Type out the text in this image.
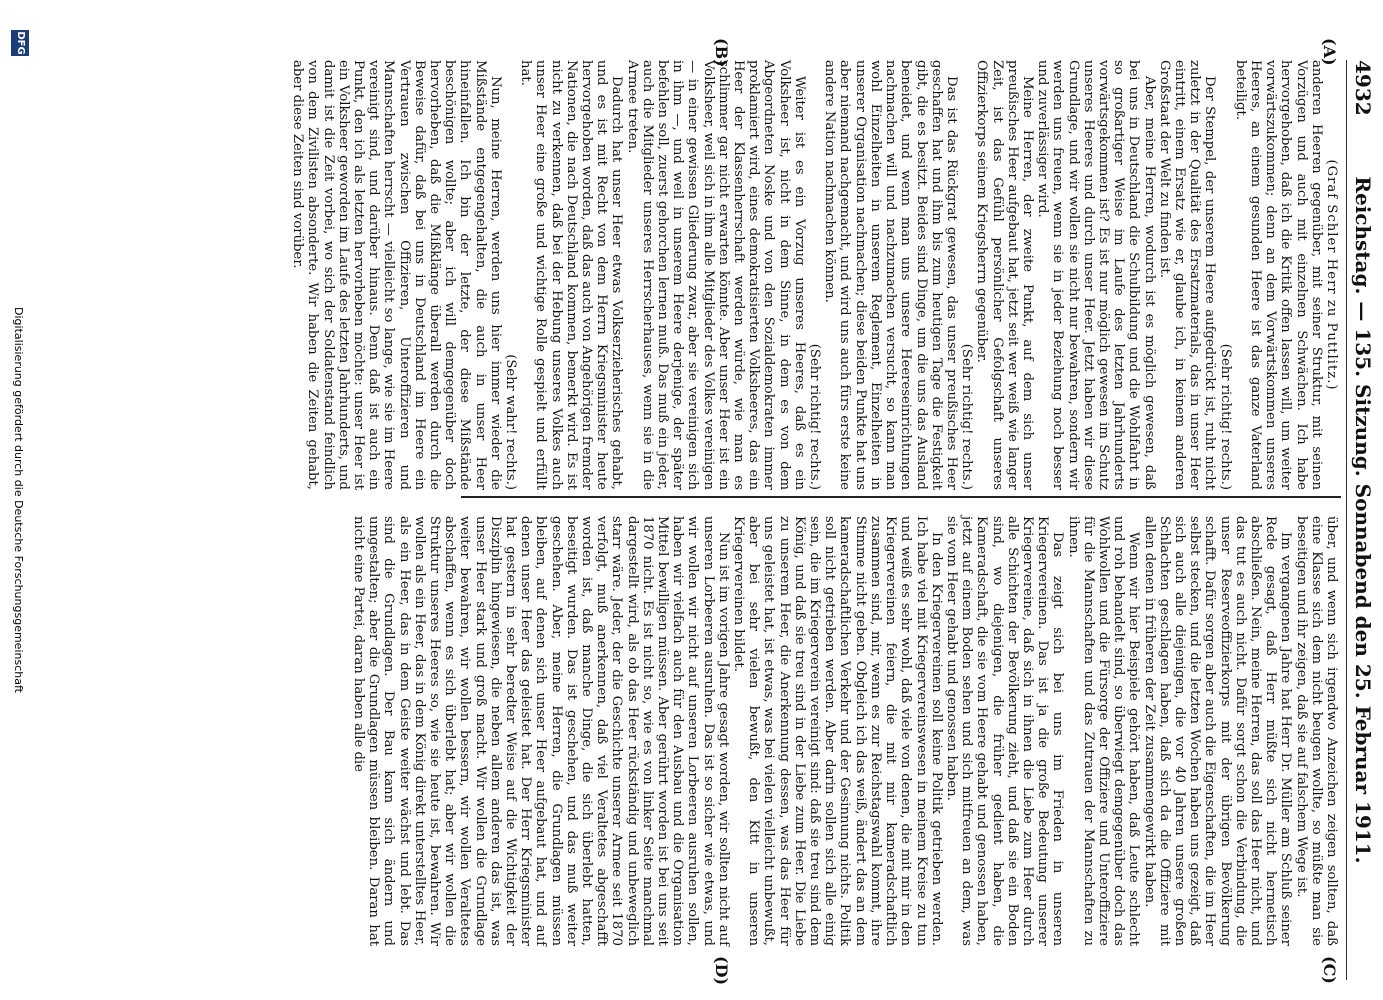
4932
Reichstag. — 135. Sitzung. Sonnabend den 25. Februar 1911.
(A)
(B)
(C)
(D)

(Graf Schler Herr zu Puttlitz.)

anderen Heeren gegenüber, mit seiner Struktur, mit seinen Vorzügen und auch mit einzelnen Schwächen. Ich habe hervorgehoben, daß ich die Kritik offen lassen will, um weiter vorwärtszukommen; denn an dem Vorwärtskommen unseres Heeres, an einem gesunden Heere ist das ganze Vaterland beteiligt.

(Sehr richtig! rechts.)

Der Stempel, der unserem Heere aufgedrückt ist, ruht nicht zuletzt in der Qualität des Ersatzmaterials, das in unser Heer eintritt, einem Ersatz wie er, glaube ich, in keinem anderen Großstaat der Welt zu finden ist.

Aber, meine Herren, wodurch ist es möglich gewesen, daß bei uns in Deutschland die Schulbildung und die Wohlfahrt in so großartiger Weise im Laufe des letzten Jahrhunderts vorwärtsgekommen ist? Es ist nur möglich gewesen im Schutz unseres Heeres und durch unser Heer. Jetzt haben wir diese Grundlage, und wir wollen sie nicht nur bewahren, sondern wir werden uns freuen, wenn sie in jeder Beziehung noch besser und zuverlässiger wird.

Meine Herren, der zweite Punkt, auf dem sich unser preußisches Heer aufgebaut hat, jetzt seit wer weiß wie langer Zeit, ist das Gefühl persönlicher Gefolgschaft unseres Offizierkorps seinem Kriegsherrn gegenüber.

(Sehr richtig! rechts.)

Das ist das Rückgrat gewesen, das unser preußisches Heer geschaffen hat und ihm bis zum heutigen Tage die Festigkeit gibt, die es besitzt. Beides sind Dinge, um die uns das Ausland beneidet, und wenn man uns unsere Heereseinrichtungen nachmachen will und nachzumachen versucht, so kann man wohl Einzelheiten in unserem Reglement, Einzelheiten in unserer Organisation nachmachen; diese beiden Punkte hat uns aber niemand nachgemacht, und wird uns auch fürs erste keine andere Nation nachmachen können.

(Sehr richtig! rechts.)

Weiter ist es ein Vorzug unseres Heeres, daß es ein Volksheer ist, nicht in dem Sinne, in dem es von dem Abgeordneten Noske und von den Sozialdemokraten immer proklamiert wird, eines demokratisierten Volksheeres, das ein Heer der Klassenherrschaft werden würde, wie man es schlimmer gar nicht erwarten könnte. Aber unser Heer ist ein Volksheer, weil sich in ihm alle Mitglieder des Volkes vereinigen — in einer gewissen Gliederung zwar, aber sie vereinigen sich in ihm —, und weil in unserem Heere derjenige, der später befehlen soll, zuerst gehorchen lernen muß. Das muß ein jeder, auch die Mitglieder unseres Herrscherhauses, wenn sie in die Armee treten.

Dadurch hat unser Heer etwas Volkserzieherisches gehabt, und es ist mit Recht von dem Herrn Kriegsminister heute hervorgehoben worden, daß das auch von Angehörigen fremder Nationen, die nach Deutschland kommen, bemerkt wird. Es ist nicht zu verkennen, daß bei der Hebung unseres Volkes auch unser Heer eine große und wichtige Rolle gespielt und erfüllt hat.

(Sehr wahr! rechts.)

Nun, meine Herren, werden uns hier immer wieder die Mißstände entgegengehalten, die auch in unser Heer hineinfallen. Ich bin der letzte, der diese Mißstände beschönigen wollte; aber ich will demgegenüber doch hervorheben, daß die Mißklänge überall werden durch die Beweise dafür, daß bei uns in Deutschland im Heere ein Vertrauen zwischen Offizieren, Unteroffizieren und Mannschaften herrscht — vielleicht so lange, wie sie im Heere vereinigt sind, und darüber hinaus. Denn daß ist auch ein Punkt, den ich als letzten hervorheben möchte: unser Heer ist ein Volksheer geworden im Laufe des letzten Jahrhunderts, und damit ist die Zeit vorbei, wo sich der Soldatenstand feindlich von dem Zivilisten absonderte. Wir haben die Zeiten gehabt, aber diese Zeiten sind vorüber.

über, und wenn sich irgendwo Anzeichen zeigen sollten, daß eine Klasse sich dem nicht beugen wollte, so müßte man sie beseitigen und ihr zeigen, daß sie auf falschem Wege ist.

Im vergangenen Jahre hat Herr Dr. Müller am Schluß seiner Rede gesagt, daß Herr müßte sich nicht hermetisch abschließen. Nein, meine Herren, das soll das Heer nicht, und das tut es auch nicht. Dafür sorgt schon die Verbindung, die unser Reserveoffizierkorps mit der übrigen Bevölkerung schafft. Dafür sorgen aber auch die Eigenschaften, die im Heer selbst stecken, und die letzten Wochen haben uns gezeigt, daß sich auch alle diejenigen, die vor 40 Jahren unsere großen Schlachten geschlagen haben, daß sich da die Offiziere mit allen denen in früheren der Zeit zusammengewirkt haben.

Wenn wir hier Beispiele gehört haben, daß Leute schlecht und roh behandelt sind, so überwiegt demgegenüber doch das Wohlwollen und die Fürsorge der Offiziere und Unteroffiziere für die Mannschaften und das Zutrauen der Mannschaften zu ihnen.

Das zeigt sich bei uns im Frieden in unseren Kriegervereinen. Das ist ja die große Bedeutung unserer Kriegervereine, daß sich in ihnen die Liebe zum Heer durch alle Schichten der Bevölkerung zieht, und daß sie ein Boden sind, wo diejenigen, die früher gedient haben, die Kameradschaft, die sie vom Heere gehabt und genossen haben, jetzt auf einem Boden sehen und sich mitfreuen an dem, was sie vom Heer gehabt und genossen haben.

In den Kriegervereinen soll keine Politik getrieben werden. Ich habe viel mit Kriegervereinswesen in meinem Kreise zu tun und weiß es sehr wohl, daß viele von denen, die mit mir in den Kriegervereinen feiern, die mit mir kameradschaftlich zusammen sind, mir, wenn es zur Reichstagswahl kommt, ihre Stimme nicht geben. Obgleich ich das weiß, ändert das an dem kameradschaftlichen Verkehr und der Gesinnung nichts. Politik soll nicht getrieben werden. Aber darin sollen sich alle einig sein, die im Kriegerverein vereinigt sind: daß sie treu sind dem König, und daß sie treu sind in der Liebe zum Heer. Die Liebe zu unserem Heer, die Anerkennung dessen, was das Heer für uns geleistet hat, ist etwas, was bei vielen vielleicht unbewußt, aber bei sehr vielen bewußt, den Kitt in unseren Kriegervereinen bildet.

Nun ist im vorigen Jahre gesagt worden, wir sollten nicht auf unseren Lorbeeren ausruhen. Das ist so sicher wie etwas, und wir wollen wir nicht auf unseren Lorbeeren ausruhen sollen, haben wir vielfach auch für den Ausbau und die Organisation Mittel bewilligen müssen. Aber gerührt worden ist bei uns seit 1870 nicht. Es ist nicht so, wie es von linker Seite manchmal dargestellt wird, als ob das Heer rückständig und unbeweglich starr wäre. Jeder, der die Geschichte unserer Armee seit 1870 verfolgt, muß anerkennen, daß viel Veraltetes abgeschafft worden ist, daß manche Dinge, die sich überlebt hatten, beseitigt wurden. Das ist geschehen, und das muß weiter geschehen. Aber, meine Herren, die Grundlagen müssen bleiben, auf denen sich unser Heer aufgebaut hat, und auf denen unser Heer das geleistet hat. Der Herr Kriegsminister hat gestern in sehr beredter Weise auf die Wichtigkeit der Disziplin hingewiesen, die neben allem anderen das ist, was unser Heer stark und groß macht. Wir wollen die Grundlage weiter bewahren, wir wollen bessern, wir wollen Veraltetes abschaffen, wenn es sich überlebt hat; aber wir wollen die Struktur unseres Heeres so, wie sie heute ist, bewahren. Wir wollen als ein Heer, das in dem König direkt unterstelltes Heer, als ein Heer, das in dem Geiste weiter wächst und lebt. Das sind die Grundlagen. Der Bau kann sich ändern und umgestalten; aber die Grundlagen müssen bleiben. Daran hat nicht eine Partei, daran haben alle die

DFG
Digitalisierung gefördert durch die Deutsche Forschungsgemeinschaft
